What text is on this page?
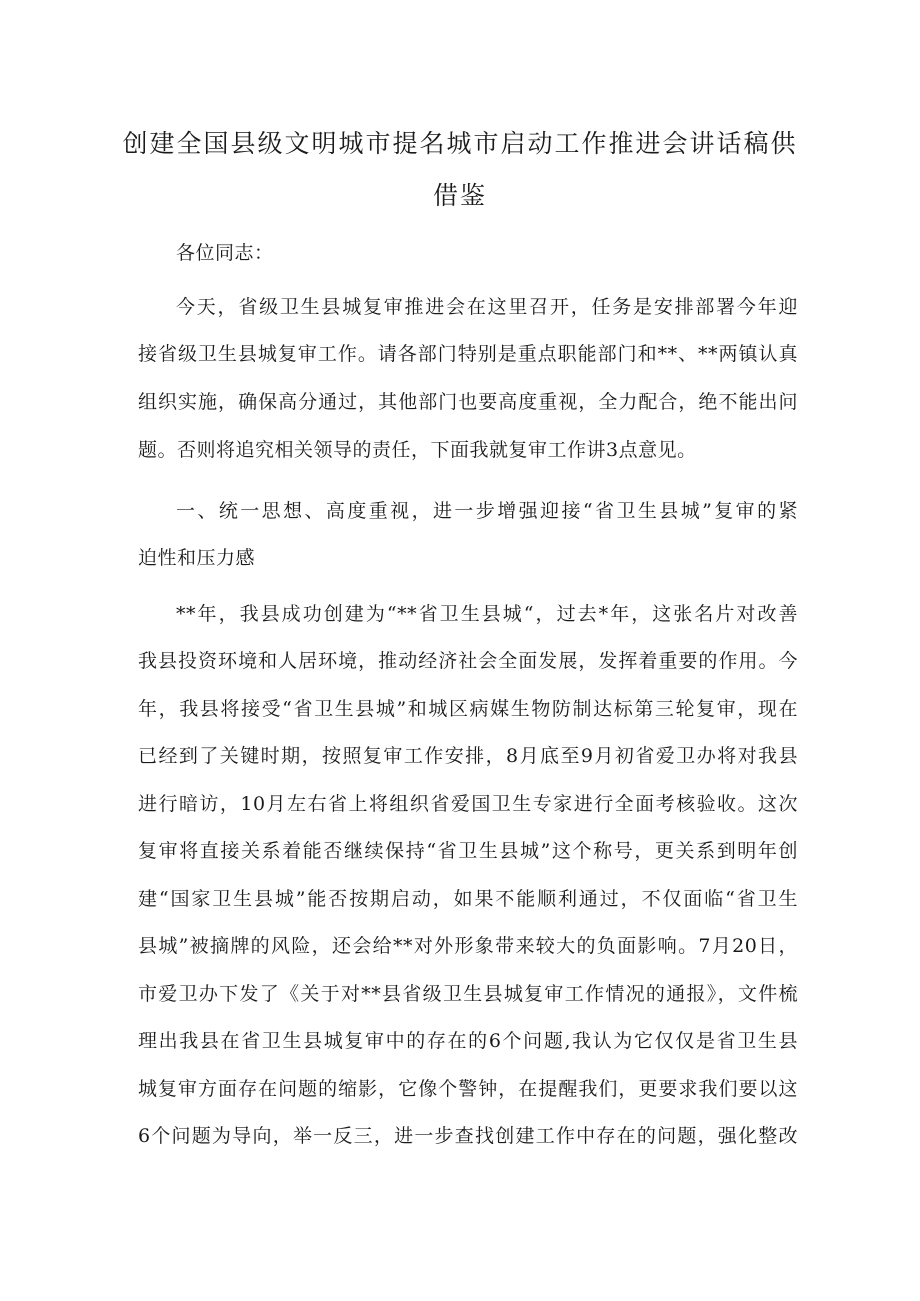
创建全国县级文明城市提名城市启动工作推进会讲话稿供
借鉴
各位同志：
今天，省级卫生县城复审推进会在这里召开，任务是安排部署今年迎
接省级卫生县城复审工作。请各部门特别是重点职能部门和**、**两镇认真
组织实施，确保高分通过，其他部门也要高度重视，全力配合，绝不能出问
题。否则将追究相关领导的责任，下面我就复审工作讲3点意见。
一、统一思想、高度重视，进一步增强迎接“省卫生县城”复审的紧
迫性和压力感
**年，我县成功创建为“**省卫生县城“，过去*年，这张名片对改善
我县投资环境和人居环境，推动经济社会全面发展，发挥着重要的作用。今
年，我县将接受“省卫生县城”和城区病媒生物防制达标第三轮复审，现在
已经到了关键时期，按照复审工作安排，8月底至9月初省爱卫办将对我县
进行暗访，10月左右省上将组织省爱国卫生专家进行全面考核验收。这次
复审将直接关系着能否继续保持“省卫生县城”这个称号，更关系到明年创
建“国家卫生县城”能否按期启动，如果不能顺利通过，不仅面临“省卫生
县城”被摘牌的风险，还会给**对外形象带来较大的负面影响。7月20日，
市爱卫办下发了《关于对**县省级卫生县城复审工作情况的通报》，文件梳
理出我县在省卫生县城复审中的存在的6个问题,我认为它仅仅是省卫生县
城复审方面存在问题的缩影，它像个警钟，在提醒我们，更要求我们要以这
6个问题为导向，举一反三，进一步查找创建工作中存在的问题，强化整改
